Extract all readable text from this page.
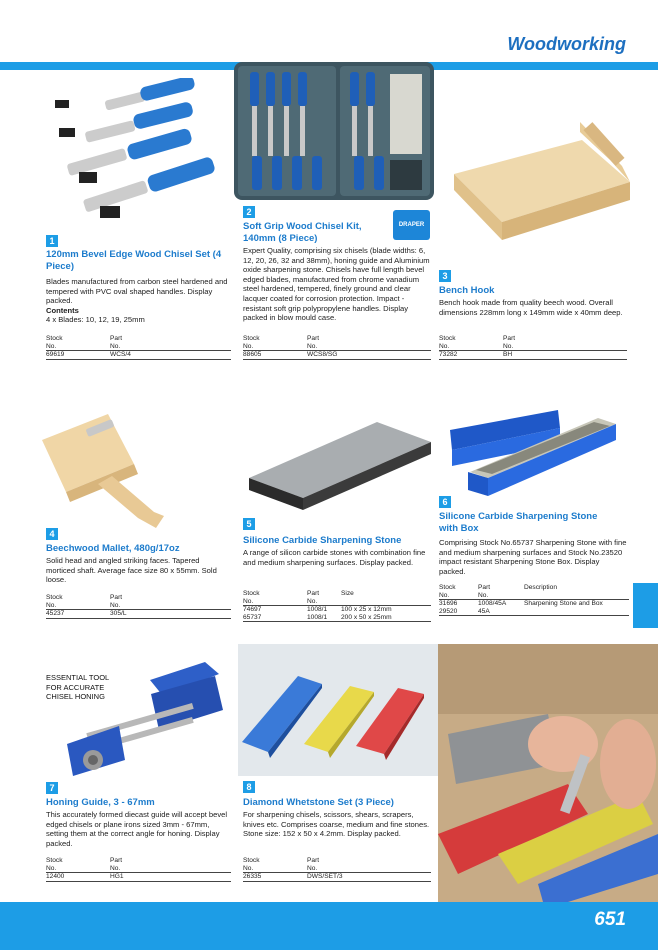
Woodworking
651
DRAPER
1
120mm Bevel Edge Wood Chisel Set (4 Piece)
Blades manufactured from carbon steel hardened and tempered with PVC oval shaped handles. Display packed.
Contents
4 x Blades: 10, 12, 19, 25mm
Stock	Part
No.	No.
69619	WCS/4
2
Soft Grip Wood Chisel Kit, 140mm (8 Piece)
Expert Quality, comprising six chisels (blade widths: 6, 12, 20, 26, 32 and 38mm), honing guide and Aluminium oxide sharpening stone. Chisels have full length bevel edged blades, manufactured from chrome vanadium steel hardened, tempered, finely ground and clear lacquer coated for corrosion protection. Impact - resistant soft grip polypropylene handles. Display packed in blow mould case.
Stock	Part
No.	No.
88605	WCS8/SG
3
Bench Hook
Bench hook made from quality beech wood. Overall dimensions 228mm long x 149mm wide x 40mm deep.
Stock	Part
No.	No.
73282	BH
4
Beechwood Mallet, 480g/17oz
Solid head and angled striking faces. Tapered morticed shaft. Average face size 80 x 55mm. Sold loose.
Stock	Part
No.	No.
45237	305/L
5
Silicone Carbide Sharpening Stone
A range of silicon carbide stones with combination fine and medium sharpening surfaces. Display packed.
Stock	Part	Size
No.	No.	
74697	1008/1	100 x 25 x 12mm
65737	1008/1	200 x 50 x 25mm
6
Silicone Carbide Sharpening Stone with Box
Comprising Stock No.65737 Sharpening Stone with fine and medium sharpening surfaces and Stock No.23520 impact resistant Sharpening Stone Box. Display packed.
Stock	Part	Description
No.	No.	
31696	1008/45A	Sharpening Stone and Box
29520	45A	
ESSENTIAL TOOL
FOR ACCURATE
CHISEL HONING
7
Honing Guide, 3 - 67mm
This accurately formed diecast guide will accept bevel edged chisels or plane irons sized 3mm - 67mm, setting them at the correct angle for honing. Display packed.
Stock	Part
No.	No.
12400	HG1
8
Diamond Whetstone Set (3 Piece)
For sharpening chisels, scissors, shears, scrapers, knives etc. Comprises coarse, medium and fine stones. Stone size: 152 x 50 x 4.2mm. Display packed.
Stock	Part
No.	No.
26335	DWS/SET/3
